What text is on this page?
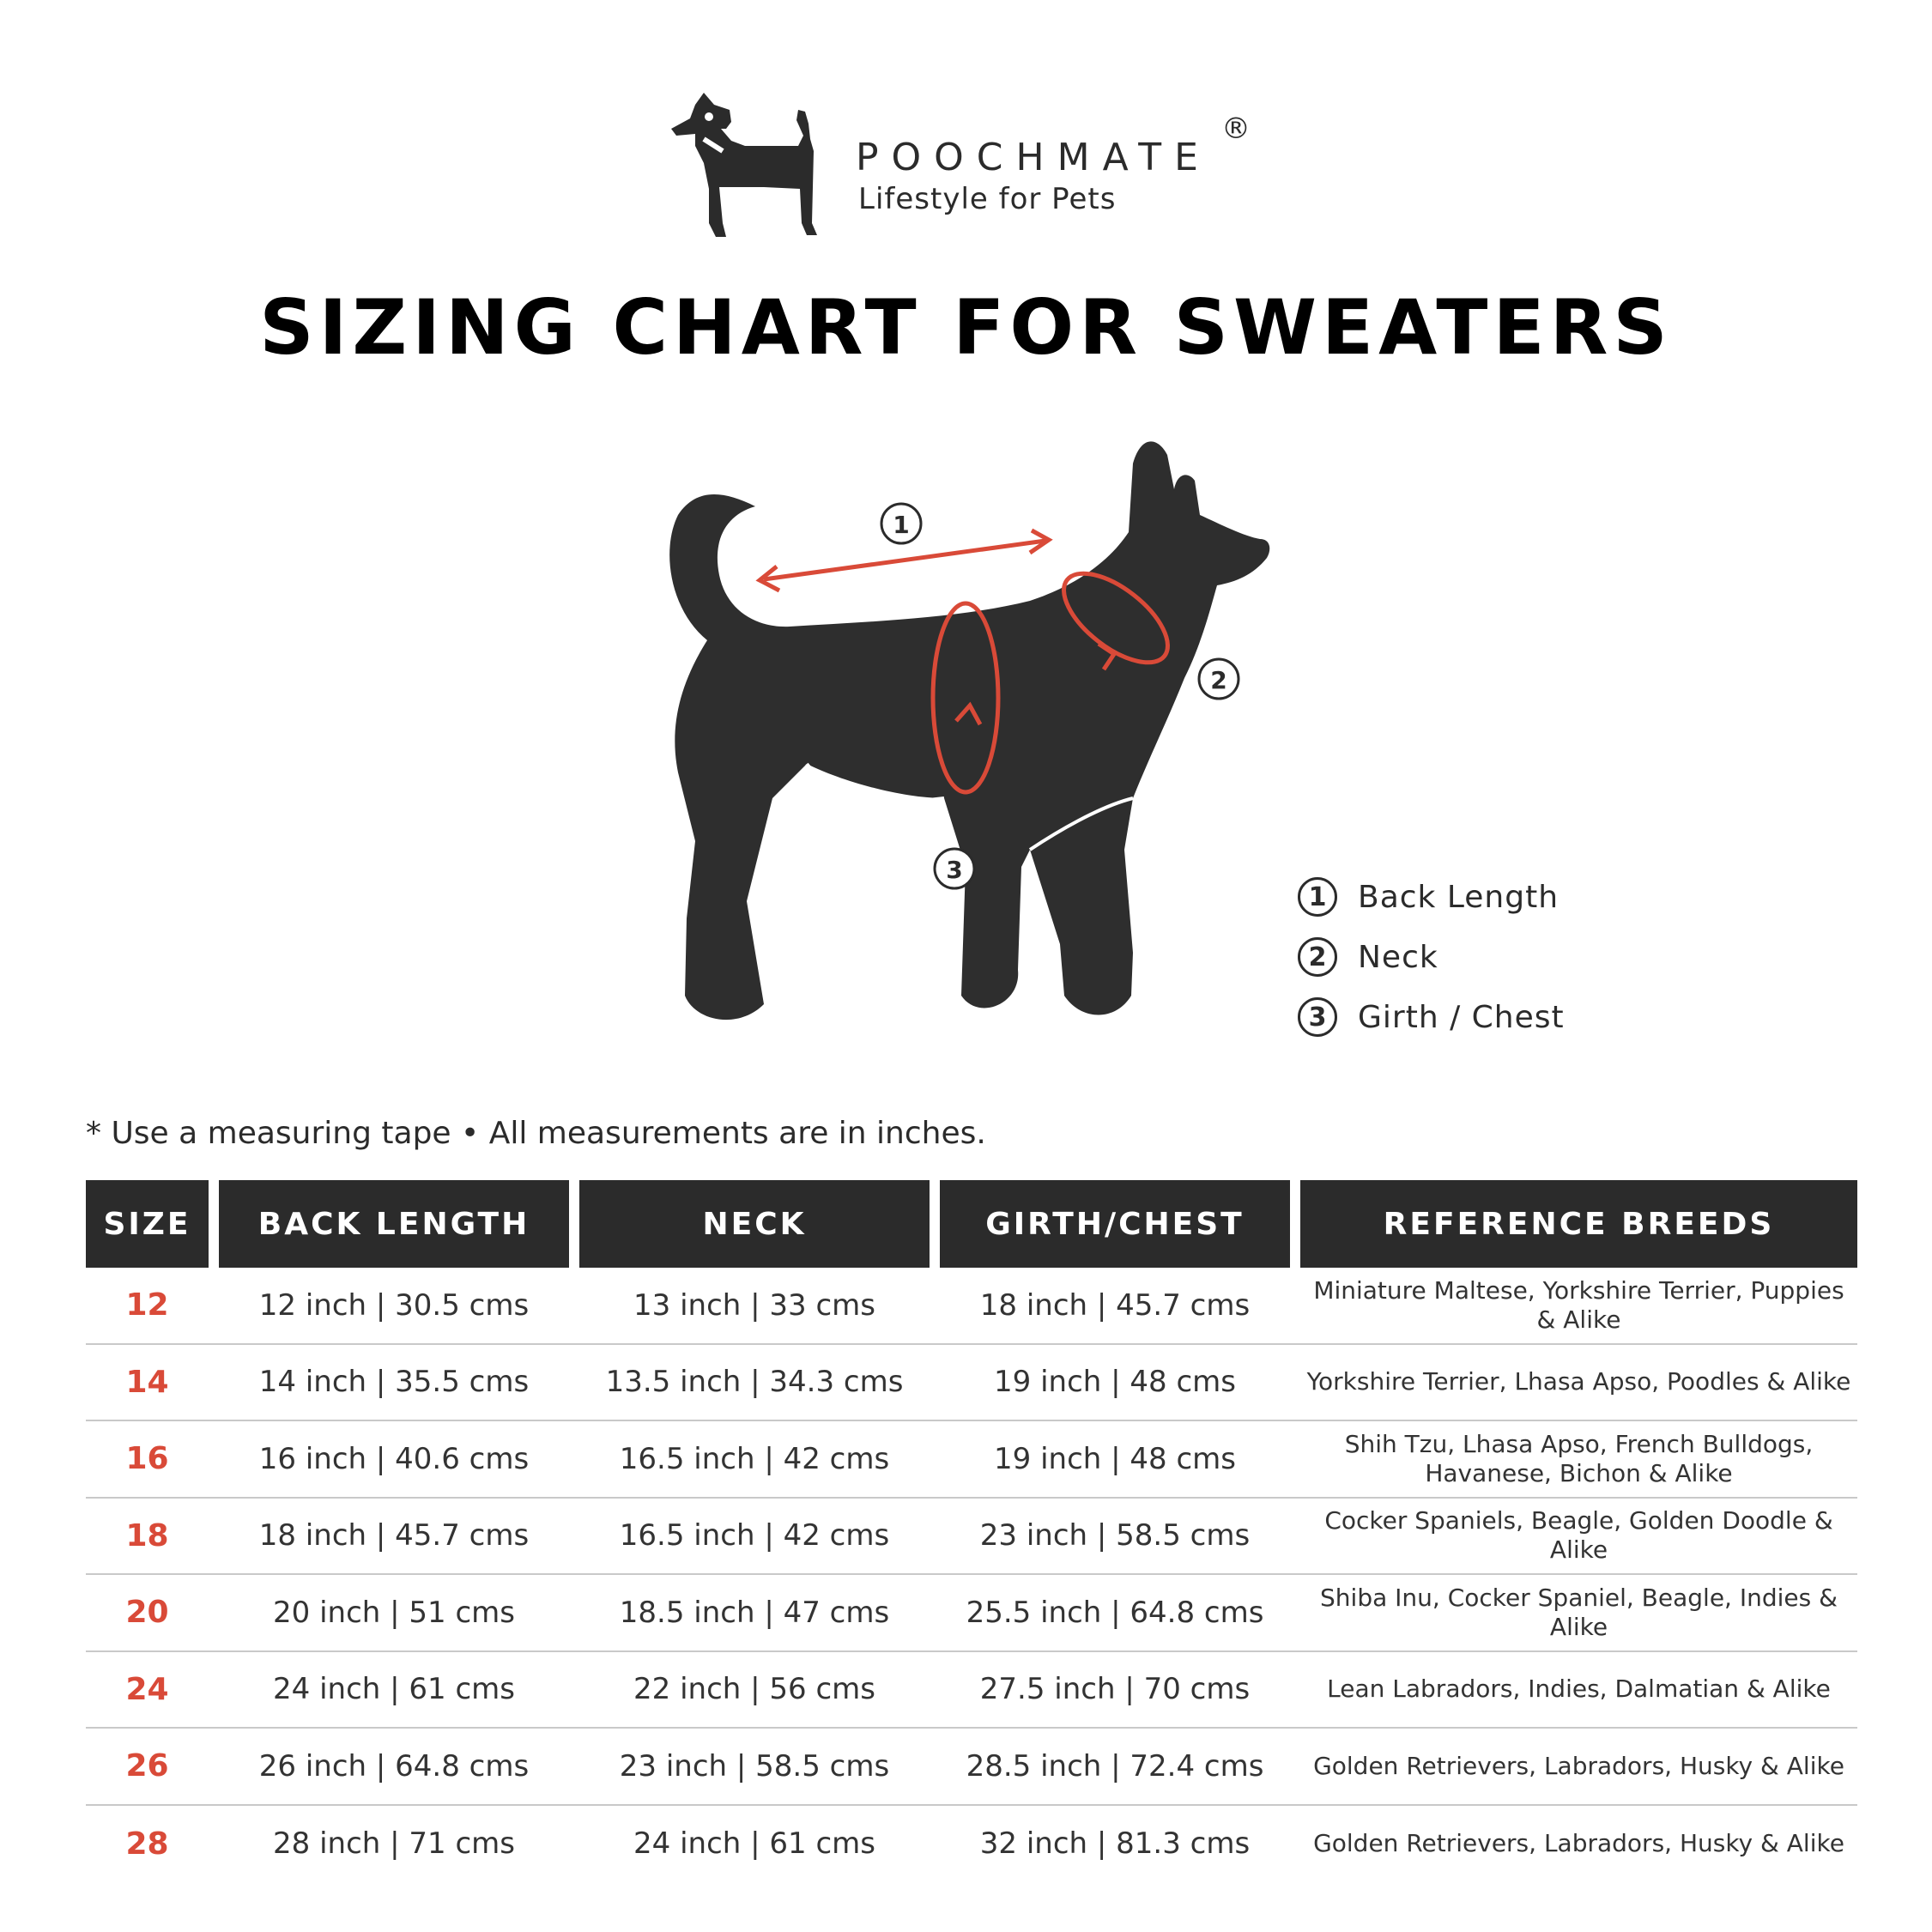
POOCHMATE
®
Lifestyle for Pets
SIZING CHART FOR SWEATERS
1
2
3
1	Back Length
2	Neck
3	Girth / Chest
* Use a measuring tape • All measurements are in inches.
SIZE	BACK LENGTH	NECK	GIRTH/CHEST	REFERENCE BREEDS
12	12 inch | 30.5 cms	13 inch | 33 cms	18 inch | 45.7 cms	Miniature Maltese, Yorkshire Terrier, Puppies & Alike
14	14 inch | 35.5 cms	13.5 inch | 34.3 cms	19 inch | 48 cms	Yorkshire Terrier, Lhasa Apso, Poodles & Alike
16	16 inch | 40.6 cms	16.5 inch | 42 cms	19 inch | 48 cms	Shih Tzu, Lhasa Apso, French Bulldogs, Havanese, Bichon & Alike
18	18 inch | 45.7 cms	16.5 inch | 42 cms	23 inch | 58.5 cms	Cocker Spaniels, Beagle, Golden Doodle & Alike
20	20 inch | 51 cms	18.5 inch | 47 cms	25.5 inch | 64.8 cms	Shiba Inu, Cocker Spaniel, Beagle, Indies & Alike
24	24 inch | 61 cms	22 inch | 56 cms	27.5 inch | 70 cms	Lean Labradors, Indies, Dalmatian & Alike
26	26 inch | 64.8 cms	23 inch | 58.5 cms	28.5 inch | 72.4 cms	Golden Retrievers, Labradors, Husky & Alike
28	28 inch | 71 cms	24 inch | 61 cms	32 inch | 81.3 cms	Golden Retrievers, Labradors, Husky & Alike
